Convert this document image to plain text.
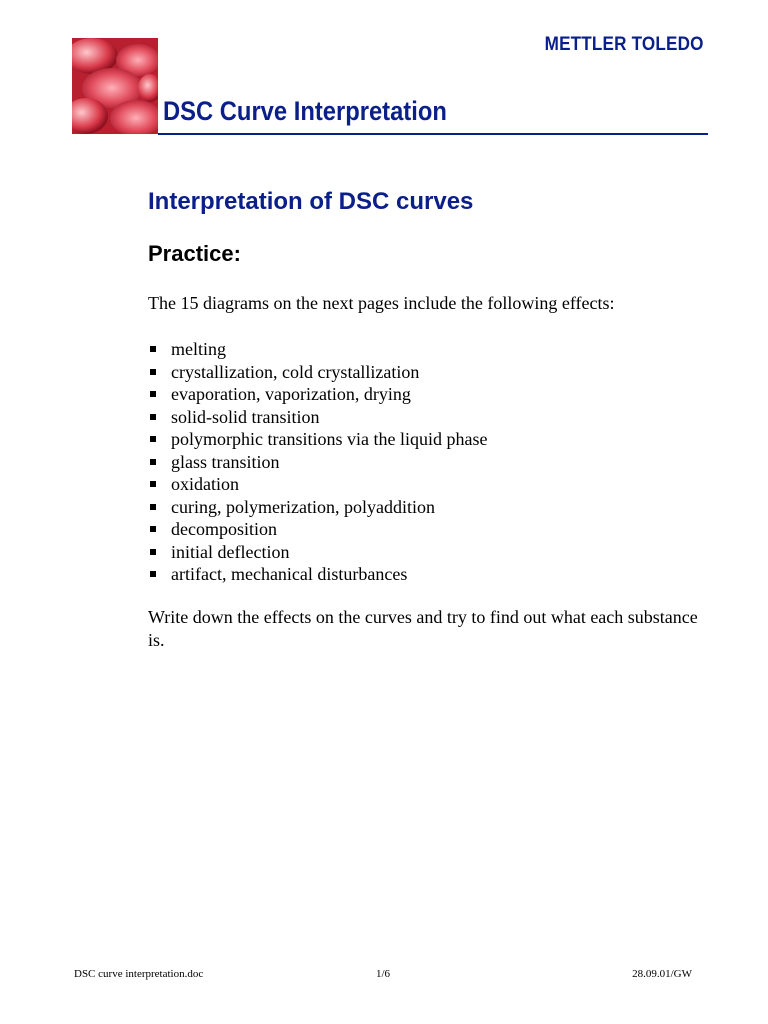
METTLER TOLEDO
DSC Curve Interpretation
Interpretation of DSC curves
Practice:
The 15 diagrams on the next pages include the following effects:
melting
crystallization, cold crystallization
evaporation, vaporization, drying
solid-solid transition
polymorphic transitions via the liquid phase
glass transition
oxidation
curing, polymerization, polyaddition
decomposition
initial deflection
artifact, mechanical disturbances
Write down the effects on the curves and try to find out what each substance is.
DSC curve interpretation.doc	1/6	28.09.01/GW
